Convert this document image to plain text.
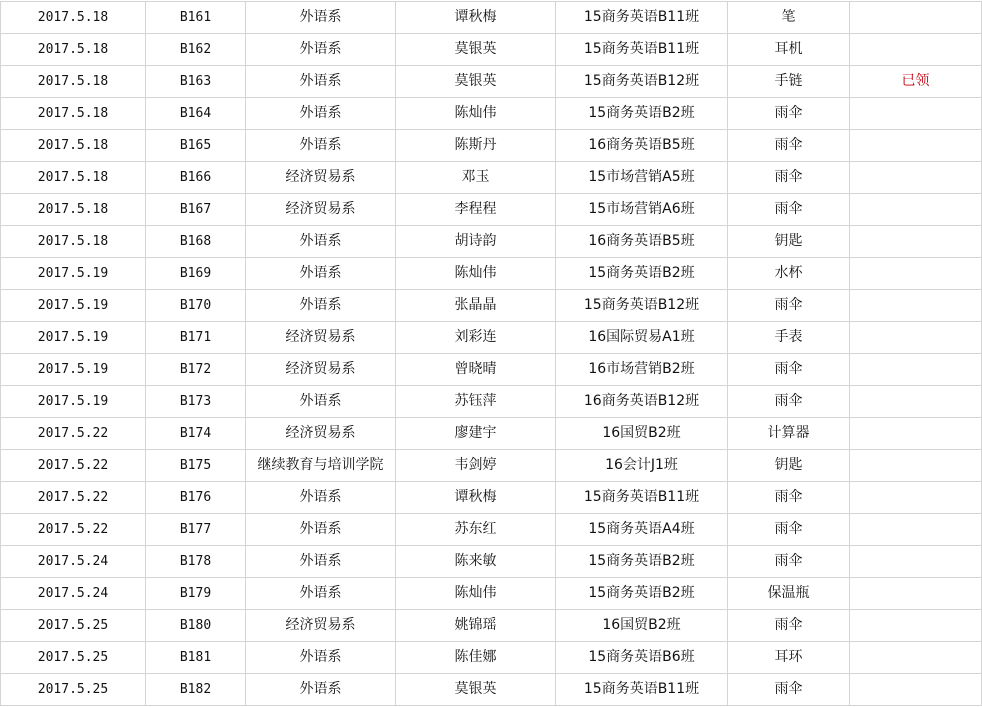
2017.5.18	B161	外语系	谭秋梅	15商务英语B11班	笔	
2017.5.18	B162	外语系	莫银英	15商务英语B11班	耳机	
2017.5.18	B163	外语系	莫银英	15商务英语B12班	手链	已领
2017.5.18	B164	外语系	陈灿伟	15商务英语B2班	雨伞	
2017.5.18	B165	外语系	陈斯丹	16商务英语B5班	雨伞	
2017.5.18	B166	经济贸易系	邓玉	15市场营销A5班	雨伞	
2017.5.18	B167	经济贸易系	李程程	15市场营销A6班	雨伞	
2017.5.18	B168	外语系	胡诗韵	16商务英语B5班	钥匙	
2017.5.19	B169	外语系	陈灿伟	15商务英语B2班	水杯	
2017.5.19	B170	外语系	张晶晶	15商务英语B12班	雨伞	
2017.5.19	B171	经济贸易系	刘彩连	16国际贸易A1班	手表	
2017.5.19	B172	经济贸易系	曾晓晴	16市场营销B2班	雨伞	
2017.5.19	B173	外语系	苏钰萍	16商务英语B12班	雨伞	
2017.5.22	B174	经济贸易系	廖建宇	16国贸B2班	计算器	
2017.5.22	B175	继续教育与培训学院	韦剑婷	16会计J1班	钥匙	
2017.5.22	B176	外语系	谭秋梅	15商务英语B11班	雨伞	
2017.5.22	B177	外语系	苏东红	15商务英语A4班	雨伞	
2017.5.24	B178	外语系	陈来敏	15商务英语B2班	雨伞	
2017.5.24	B179	外语系	陈灿伟	15商务英语B2班	保温瓶	
2017.5.25	B180	经济贸易系	姚锦瑶	16国贸B2班	雨伞	
2017.5.25	B181	外语系	陈佳娜	15商务英语B6班	耳环	
2017.5.25	B182	外语系	莫银英	15商务英语B11班	雨伞	
